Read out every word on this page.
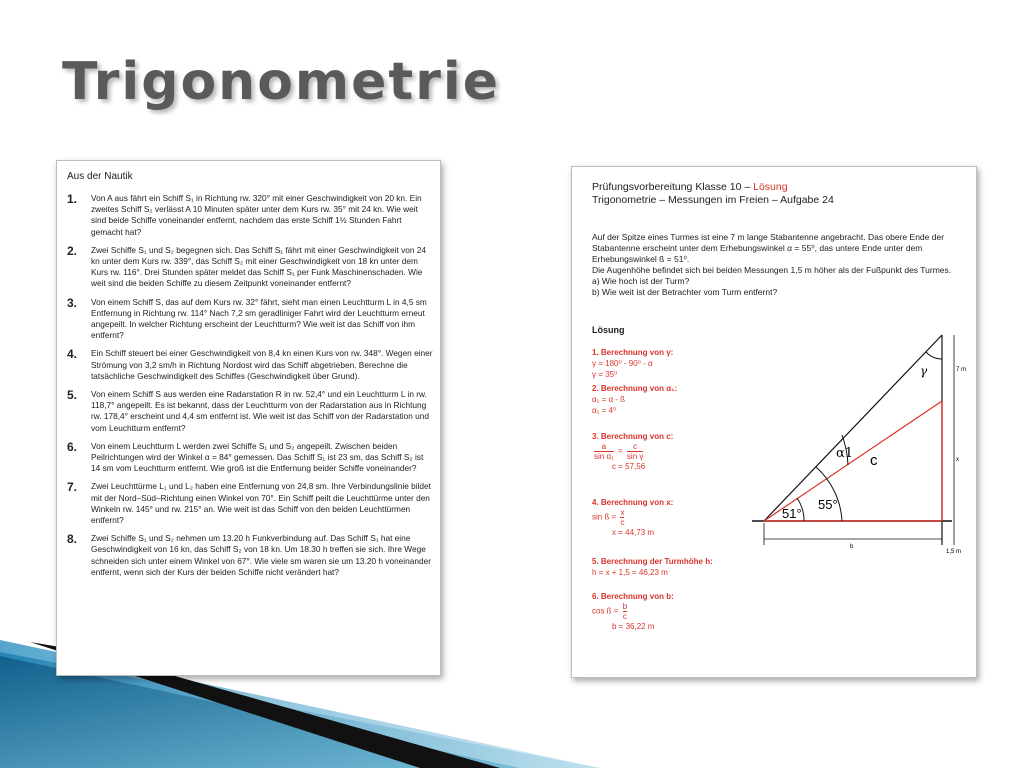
Trigonometrie
Aus der Nautik
1.	Von A aus fährt ein Schiff S₁ in Richtung rw. 320° mit einer Geschwindigkeit von 20 kn. Ein zweites Schiff S₂ verlässt A 10 Minuten später unter dem Kurs rw. 35° mit 24 kn. Wie weit sind beide Schiffe voneinander entfernt, nachdem das erste Schiff 1½ Stunden Fahrt gemacht hat?
2.	Zwei Schiffe S₁ und S₂ begegnen sich. Das Schiff S₁ fährt mit einer Geschwindigkeit von 24 kn unter dem Kurs rw. 339°, das Schiff S₂ mit einer Geschwindigkeit von 18 kn unter dem Kurs rw. 116°. Drei Stunden später meldet das Schiff S₁ per Funk Maschinenschaden. Wie weit sind die beiden Schiffe zu diesem Zeitpunkt voneinander entfernt?
3.	Von einem Schiff S, das auf dem Kurs rw. 32° fährt, sieht man einen Leuchtturm L in 4,5 sm Entfernung in Richtung rw. 114° Nach 7,2 sm geradliniger Fahrt wird der Leuchtturm erneut angepeilt. In welcher Richtung erscheint der Leuchtturm? Wie weit ist das Schiff von ihm entfernt?
4.	Ein Schiff steuert bei einer Geschwindigkeit von 8,4 kn einen Kurs von rw. 348°. Wegen einer Strömung von 3,2 sm/h in Richtung Nordost wird das Schiff abgetrieben. Berechne die tatsächliche Geschwindigkeit des Schiffes (Geschwindigkeit über Grund).
5.	Von einem Schiff S aus werden eine Radarstation R in rw. 52,4° und ein Leuchtturm L in rw. 118,7° angepeilt. Es ist bekannt, dass der Leuchtturm von der Radarstation aus in Richtung rw. 178,4° erscheint und 4,4 sm entfernt ist. Wie weit ist das Schiff von der Radarstation und vom Leuchtturm entfernt?
6.	Von einem Leuchtturm L werden zwei Schiffe S₁ und S₂ angepeilt. Zwischen beiden Peilrichtungen wird der Winkel α = 84° gemessen. Das Schiff S₁ ist 23 sm, das Schiff S₂ ist 14 sm vom Leuchtturm entfernt. Wie groß ist die Entfernung beider Schiffe voneinander?
7.	Zwei Leuchttürme L₁ und L₂ haben eine Entfernung von 24,8 sm. Ihre Verbindungslinie bildet mit der Nord–Süd–Richtung einen Winkel von 70°. Ein Schiff peilt die Leuchttürme unter den Winkeln rw. 145° und rw. 215° an. Wie weit ist das Schiff von den beiden Leuchttürmen entfernt?
8.	Zwei Schiffe S₁ und S₂ nehmen um 13.20 h Funkverbindung auf. Das Schiff S₁ hat eine Geschwindigkeit von 16 kn, das Schiff S₂ von 18 kn. Um 18.30 h treffen sie sich. Ihre Wege schneiden sich unter einem Winkel von 67°. Wie viele sm waren sie um 13.20 h voneinander entfernt, wenn sich der Kurs der beiden Schiffe nicht verändert hat?
Prüfungsvorbereitung Klasse 10 – Lösung
Trigonometrie – Messungen im Freien – Aufgabe 24
Auf der Spitze eines Turmes ist eine 7 m lange Stabantenne angebracht. Das obere Ende der Stabantenne erscheint unter dem Erhebungswinkel α = 55⁰, das untere Ende unter dem Erhebungswinkel ß = 51⁰.
Die Augenhöhe befindet sich bei beiden Messungen 1,5 m höher als der Fußpunkt des Turmes.
a) Wie hoch ist der Turm?
b) Wie weit ist der Betrachter vom Turm entfernt?
Lösung
1. Berechnung von γ:
γ = 180⁰ - 90⁰ - α
γ = 35⁰
2. Berechnung von α₁:
α₁ = α - ß
α₁ = 4⁰
3. Berechnung von c:

$\frac{a}{\text{sin α₁}} = \frac{c}{\text{sin γ}}$

c = 57,56
4. Berechnung von x:
sin ß = $\frac{x}{c}$

x = 44,73 m
5. Berechnung der Turmhöhe h:
h = x + 1,5 = 46,23 m
6. Berechnung von b:
cos ß = $\frac{b}{c}$

b = 36,22 m
γ	7 m
x
α1 c
55°
51°
b
1,5 m
